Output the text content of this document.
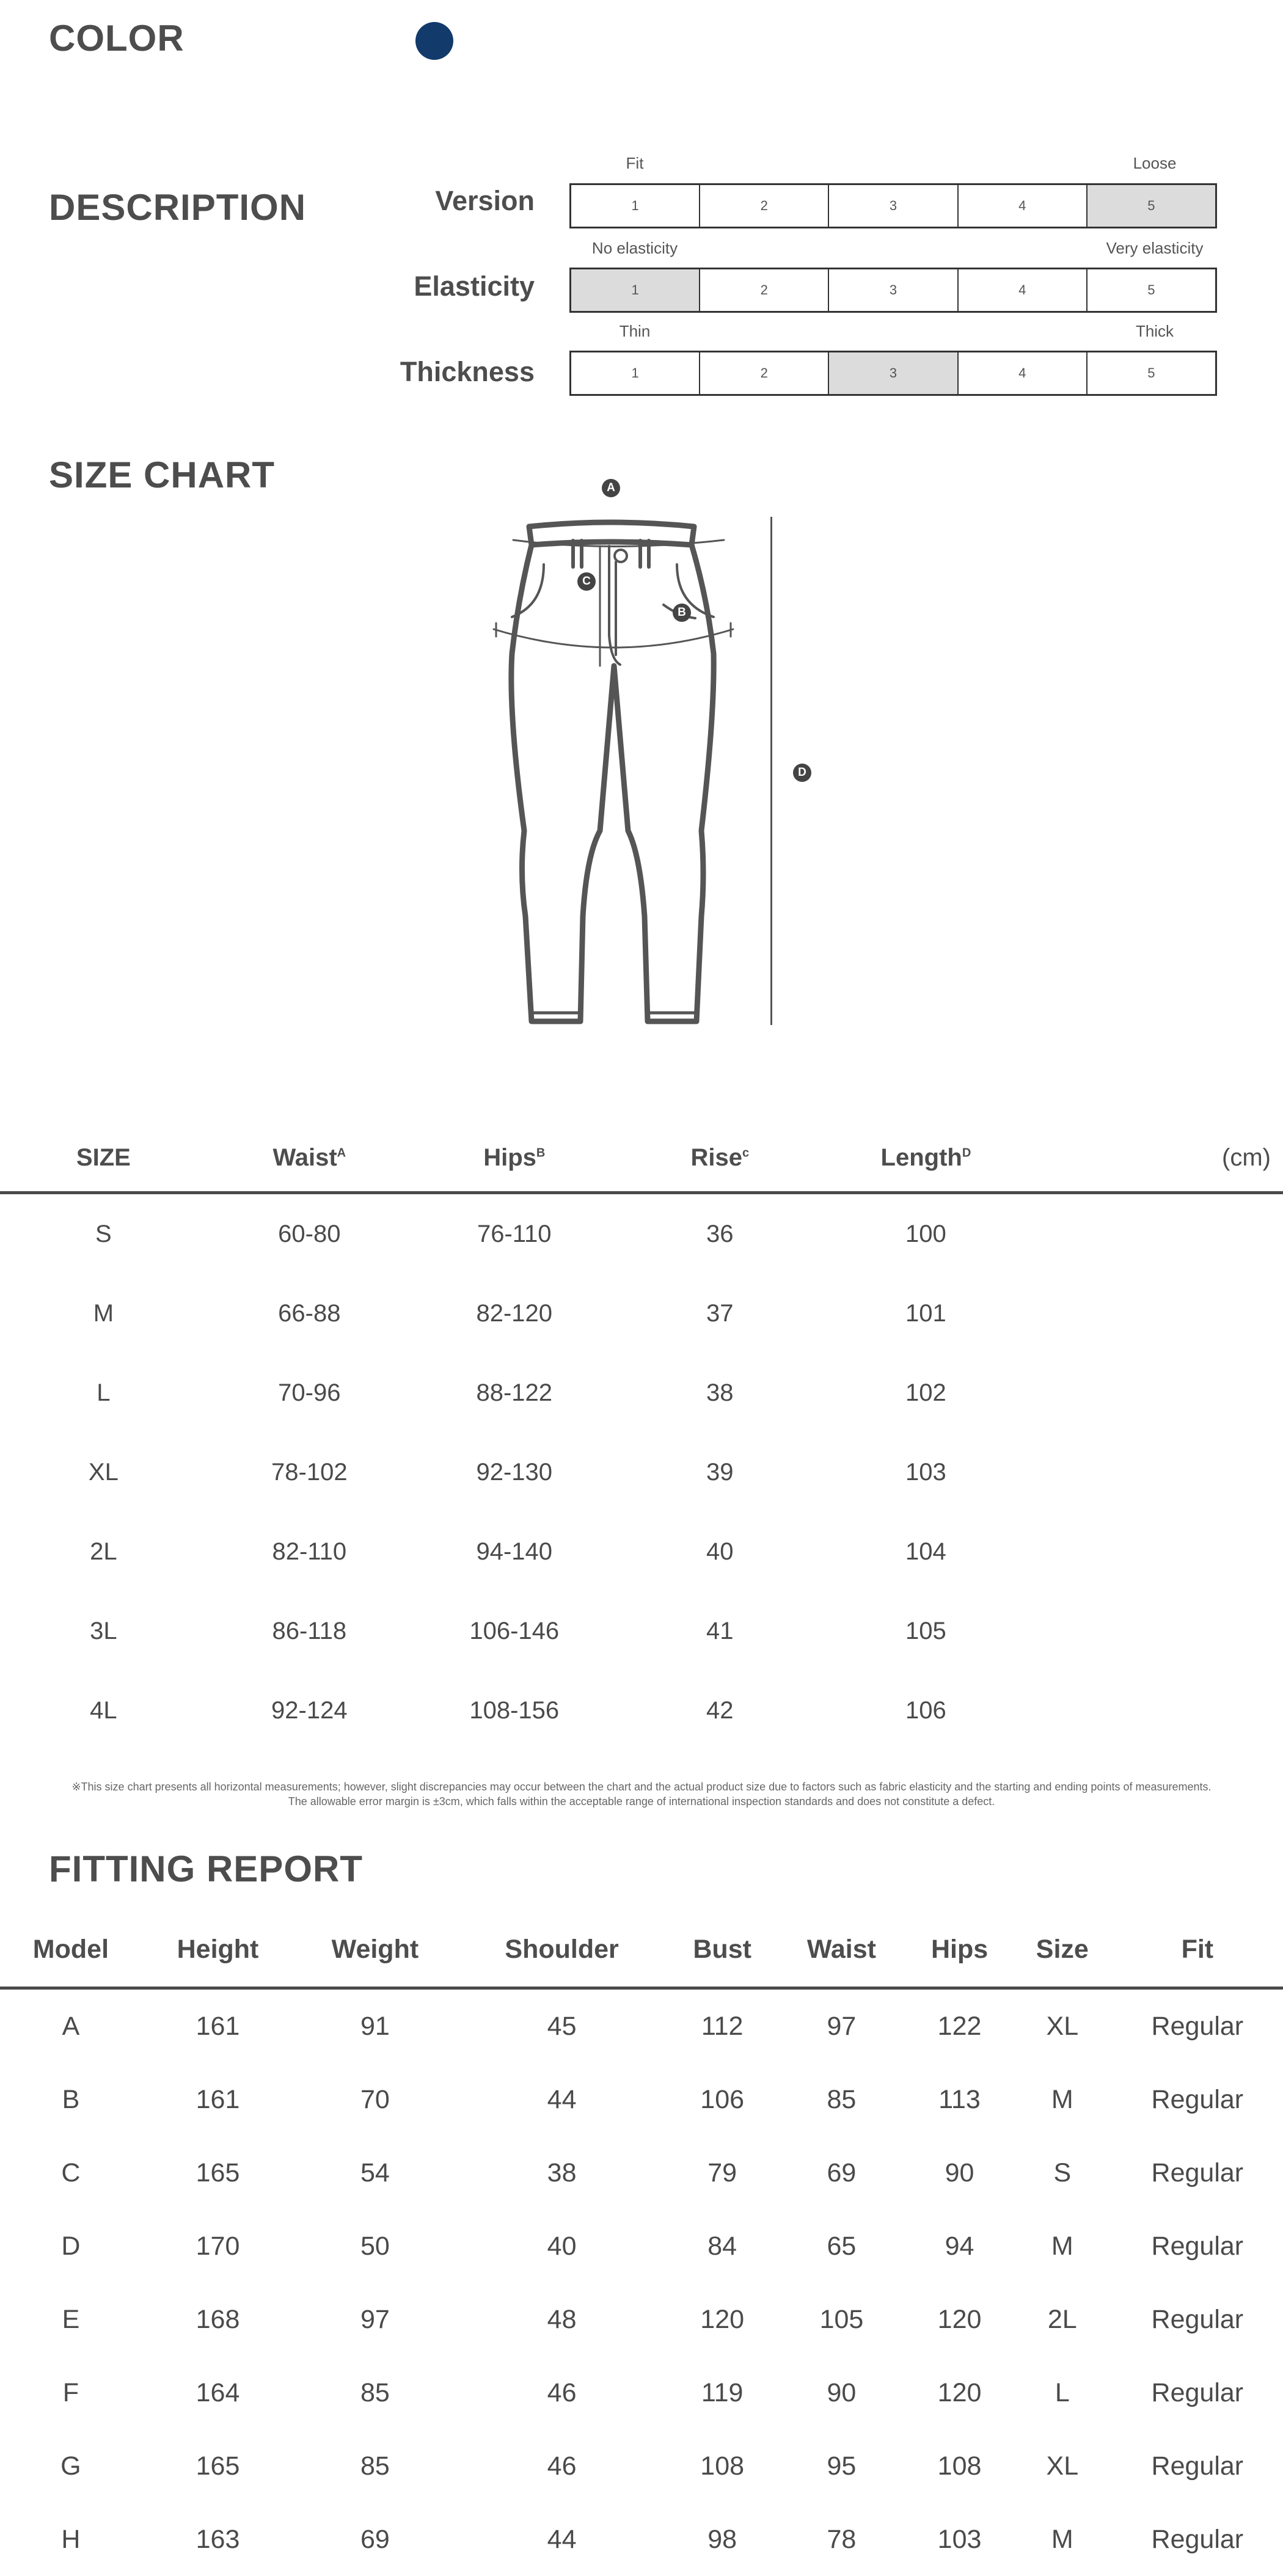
COLOR
DESCRIPTION
Fit	Loose
Version	1	2	3	4	5
No elasticity	Very elasticity
Elasticity	1	2	3	4	5
Thin	Thick
Thickness	1	2	3	4	5
SIZE CHART	A
B
C
D
SIZE	Waist$^A$	Hips$^B$	Rise$^c$	Length$^D$	(cm)
S	60-80	76-110	36	100	
M	66-88	82-120	37	101	
L	70-96	88-122	38	102	
XL	78-102	92-130	39	103	
2L	82-110	94-140	40	104	
3L	86-118	106-146	41	105	
4L	92-124	108-156	42	106	
※This size chart presents all horizontal measurements; however, slight discrepancies may occur between the chart and the actual product size due to factors such as fabric elasticity and the starting and ending points of measurements.
The allowable error margin is ±3cm, which falls within the acceptable range of international inspection standards and does not constitute a defect.
FITTING REPORT
Model	Height	Weight	Shoulder	Bust	Waist	Hips	Size	Fit
A	161	91	45	112	97	122	XL	Regular
B	161	70	44	106	85	113	M	Regular
C	165	54	38	79	69	90	S	Regular
D	170	50	40	84	65	94	M	Regular
E	168	97	48	120	105	120	2L	Regular
F	164	85	46	119	90	120	L	Regular
G	165	85	46	108	95	108	XL	Regular
H	163	69	44	98	78	103	M	Regular
